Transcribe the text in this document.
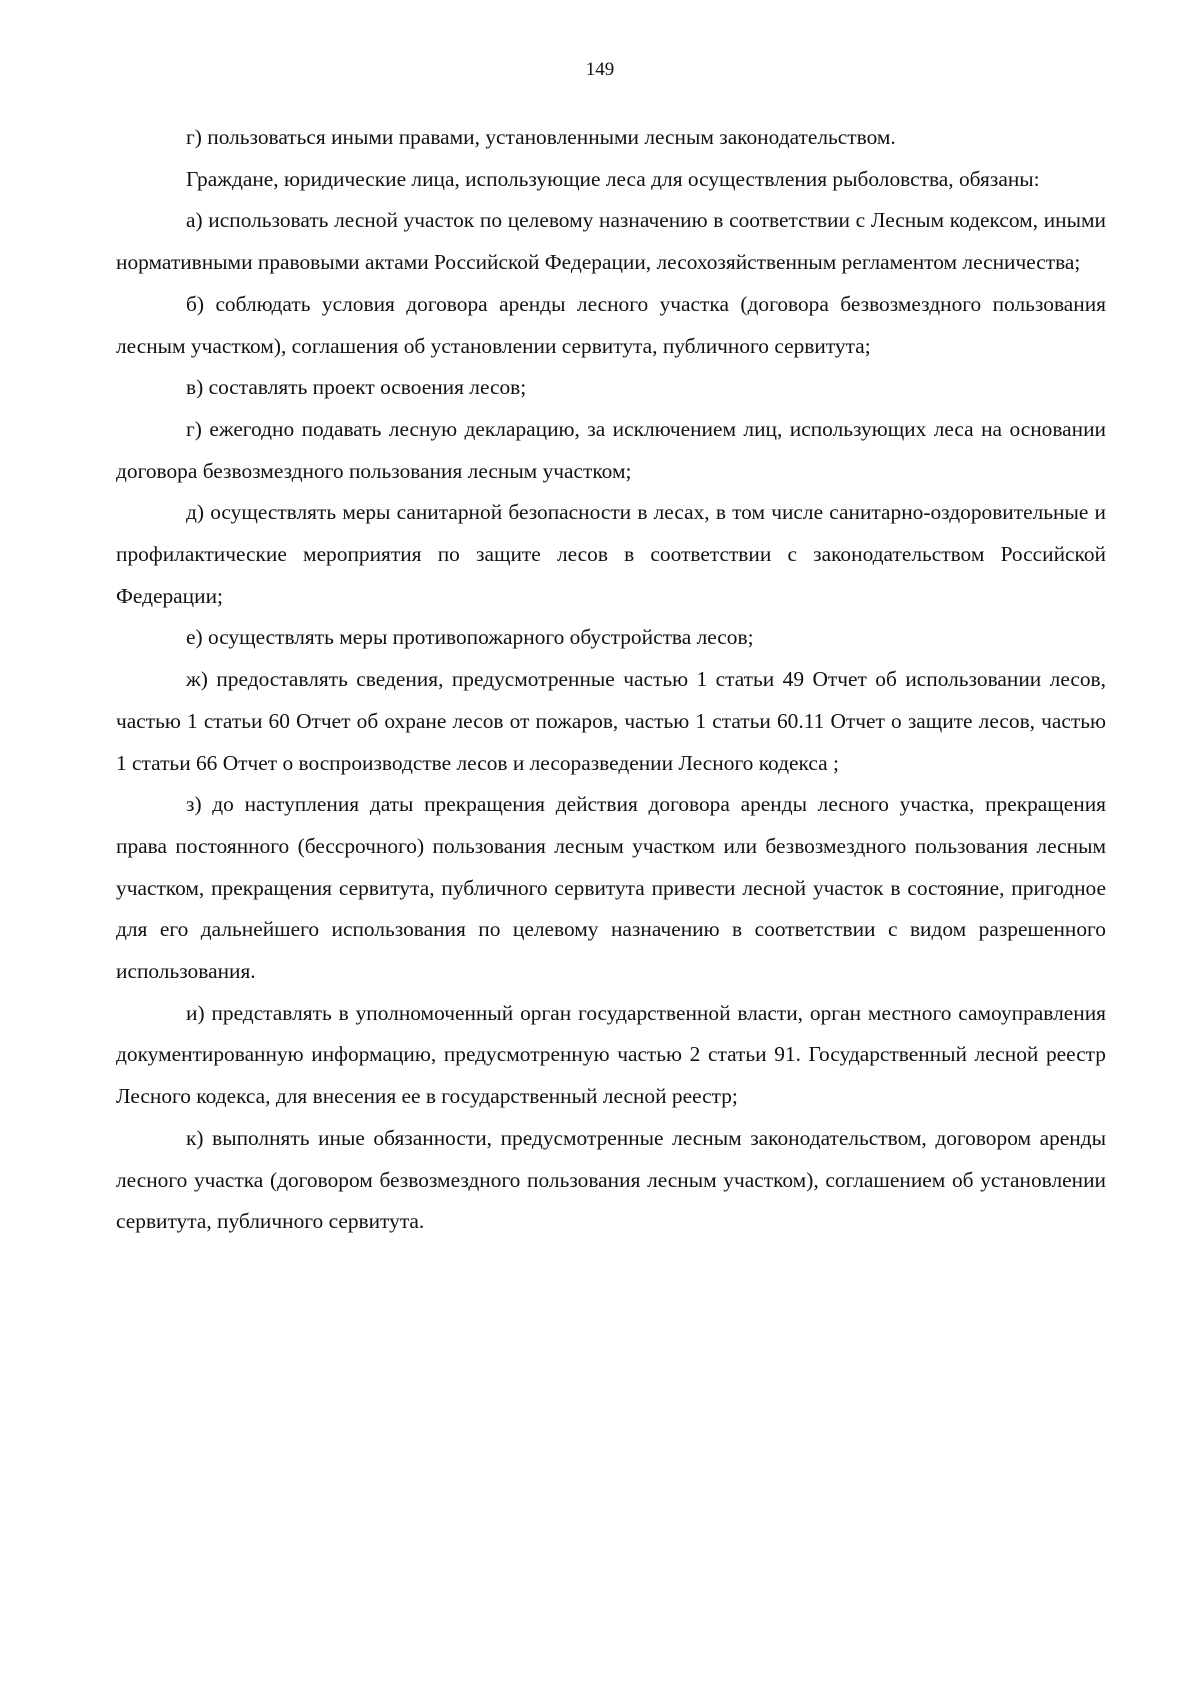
149

г) пользоваться иными правами, установленными лесным законодательством.

Граждане, юридические лица, использующие леса для осуществления рыболовства, обязаны:

а) использовать лесной участок по целевому назначению в соответствии с Лесным кодексом, иными нормативными правовыми актами Российской Федерации, лесохозяйственным регламентом лесничества;

б) соблюдать условия договора аренды лесного участка (договора безвозмездного пользования лесным участком), соглашения об установлении сервитута, публичного сервитута;

в) составлять проект освоения лесов;

г) ежегодно подавать лесную декларацию, за исключением лиц, использующих леса на основании договора безвозмездного пользования лесным участком;

д) осуществлять меры санитарной безопасности в лесах, в том числе санитарно-оздоровительные и профилактические мероприятия по защите лесов в соответствии с законодательством Российской Федерации;

е) осуществлять меры противопожарного обустройства лесов;

ж) предоставлять сведения, предусмотренные частью 1 статьи 49 Отчет об использовании лесов, частью 1 статьи 60 Отчет об охране лесов от пожаров, частью 1 статьи 60.11 Отчет о защите лесов, частью 1 статьи 66 Отчет о воспроизводстве лесов и лесоразведении Лесного кодекса ;

з) до наступления даты прекращения действия договора аренды лесного участка, прекращения права постоянного (бессрочного) пользования лесным участком или безвозмездного пользования лесным участком, прекращения сервитута, публичного сервитута привести лесной участок в состояние, пригодное для его дальнейшего использования по целевому назначению в соответствии с видом разрешенного использования.

и) представлять в уполномоченный орган государственной власти, орган местного самоуправления документированную информацию, предусмотренную частью 2 статьи 91. Государственный лесной реестр Лесного кодекса, для внесения ее в государственный лесной реестр;

к) выполнять иные обязанности, предусмотренные лесным законодательством, договором аренды лесного участка (договором безвозмездного пользования лесным участком), соглашением об установлении сервитута, публичного сервитута.
